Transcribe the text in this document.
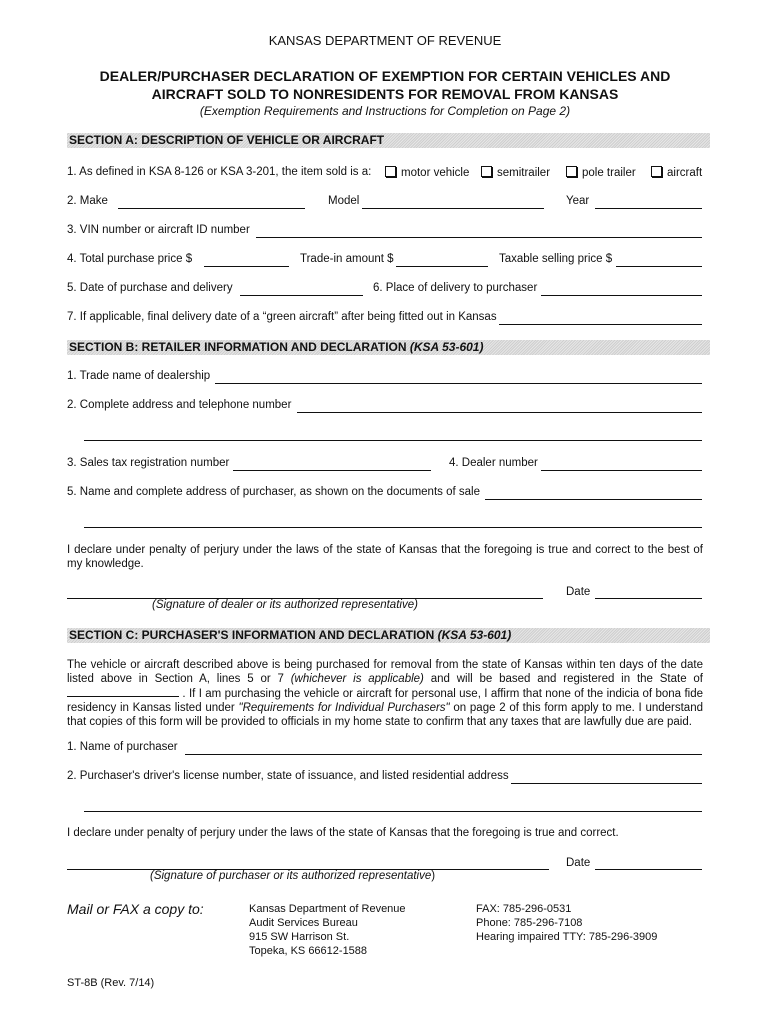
KANSAS DEPARTMENT OF REVENUE
DEALER/PURCHASER DECLARATION OF EXEMPTION FOR CERTAIN VEHICLES AND
AIRCRAFT SOLD TO NONRESIDENTS FOR REMOVAL FROM KANSAS
(Exemption Requirements and Instructions for Completion on Page 2)
SECTION A: DESCRIPTION OF VEHICLE OR AIRCRAFT
1. As defined in KSA 8-126 or KSA 3-201, the item sold is a:	motor vehicle	semitrailer	pole trailer	aircraft
2. Make	Model	Year
3. VIN number or aircraft ID number
4. Total purchase price $	Trade-in amount $	Taxable selling price $
5. Date of purchase and delivery	6. Place of delivery to purchaser
7. If applicable, final delivery date of a “green aircraft” after being fitted out in Kansas
SECTION B: RETAILER INFORMATION AND DECLARATION (KSA 53-601)
1. Trade name of dealership
2. Complete address and telephone number
3. Sales tax registration number	4. Dealer number
5. Name and complete address of purchaser, as shown on the documents of sale
I declare under penalty of perjury under the laws of the state of Kansas that the foregoing is true and correct to the best of my knowledge.
Date
(Signature of dealer or its authorized representative)
SECTION C: PURCHASER'S INFORMATION AND DECLARATION (KSA 53-601)
The vehicle or aircraft described above is being purchased for removal from the state of Kansas within ten days of the date listed above in Section A, lines 5 or 7 (whichever is applicable) and will be based and registered in the State of  . If I am purchasing the vehicle or aircraft for personal use, I affirm that none of the indicia of bona fide residency in Kansas listed under "Requirements for Individual Purchasers" on page 2 of this form apply to me. I understand that copies of this form will be provided to officials in my home state to confirm that any taxes that are lawfully due are paid.
1. Name of purchaser
2. Purchaser's driver's license number, state of issuance, and listed residential address
I declare under penalty of perjury under the laws of the state of Kansas that the foregoing is true and correct.
Date
(Signature of purchaser or its authorized representative)
Mail or FAX a copy to:	Kansas Department of Revenue
Audit Services Bureau
915 SW Harrison St.
Topeka, KS 66612-1588
FAX: 785-296-0531
Phone: 785-296-7108
Hearing impaired TTY: 785-296-3909
ST-8B (Rev. 7/14)
